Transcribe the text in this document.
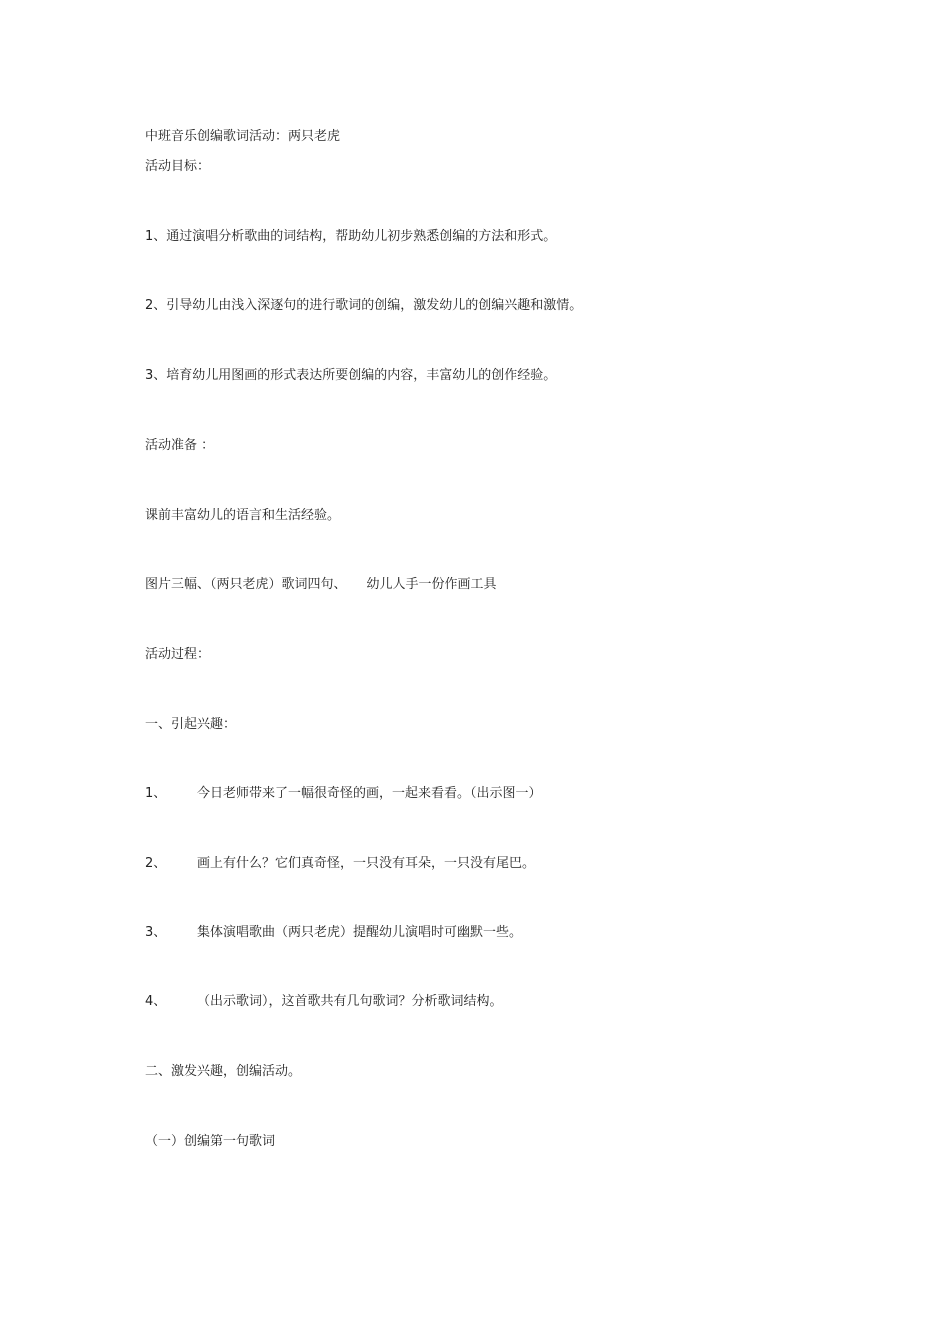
中班音乐创编歌词活动：两只老虎
活动目标：
1、通过演唱分析歌曲的词结构，帮助幼儿初步熟悉创编的方法和形式。
2、引导幼儿由浅入深逐句的进行歌词的创编，激发幼儿的创编兴趣和激情。
3、培育幼儿用图画的形式表达所要创编的内容，丰富幼儿的创作经验。
活动准备 ：
课前丰富幼儿的语言和生活经验。
图片三幅、（两只老虎）歌词四句、 幼儿人手一份作画工具
活动过程：
一、引起兴趣：
1、 今日老师带来了一幅很奇怪的画，一起来看看。（出示图一）
2、 画上有什么？它们真奇怪，一只没有耳朵，一只没有尾巴。
3、 集体演唱歌曲（两只老虎）提醒幼儿演唱时可幽默一些。
4、 （出示歌词），这首歌共有几句歌词？分析歌词结构。
二、激发兴趣，创编活动。
（一）创编第一句歌词
